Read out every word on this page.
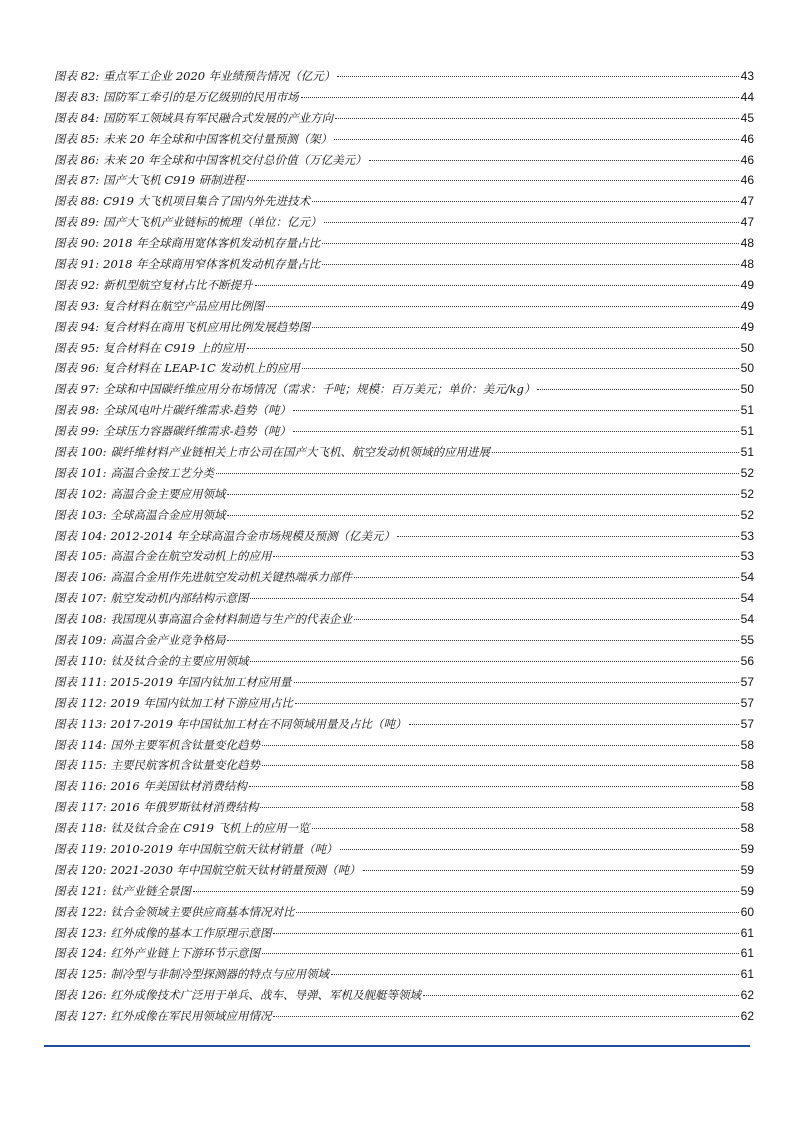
图表 82: 重点军工企业 2020 年业绩预告情况（亿元）	43
图表 83: 国防军工牵引的是万亿级别的民用市场	44
图表 84: 国防军工领域具有军民融合式发展的产业方向	45
图表 85: 未来 20 年全球和中国客机交付量预测（架）	46
图表 86: 未来 20 年全球和中国客机交付总价值（万亿美元）	46
图表 87: 国产大飞机 C919 研制进程	46
图表 88: C919 大飞机项目集合了国内外先进技术	47
图表 89: 国产大飞机产业链标的梳理（单位：亿元）	47
图表 90: 2018 年全球商用宽体客机发动机存量占比	48
图表 91: 2018 年全球商用窄体客机发动机存量占比	48
图表 92: 新机型航空复材占比不断提升	49
图表 93: 复合材料在航空产品应用比例图	49
图表 94: 复合材料在商用飞机应用比例发展趋势图	49
图表 95: 复合材料在 C919 上的应用	50
图表 96: 复合材料在 LEAP-1C 发动机上的应用	50
图表 97: 全球和中国碳纤维应用分布场情况（需求：千吨；规模：百万美元；单价：美元/kg）	50
图表 98: 全球风电叶片碳纤维需求-趋势（吨）	51
图表 99: 全球压力容器碳纤维需求-趋势（吨）	51
图表 100: 碳纤维材料产业链相关上市公司在国产大飞机、航空发动机领域的应用进展	51
图表 101: 高温合金按工艺分类	52
图表 102: 高温合金主要应用领域	52
图表 103: 全球高温合金应用领域	52
图表 104: 2012-2014 年全球高温合金市场规模及预测（亿美元）	53
图表 105: 高温合金在航空发动机上的应用	53
图表 106: 高温合金用作先进航空发动机关键热端承力部件	54
图表 107: 航空发动机内部结构示意图	54
图表 108: 我国现从事高温合金材料制造与生产的代表企业	54
图表 109: 高温合金产业竞争格局	55
图表 110: 钛及钛合金的主要应用领域	56
图表 111: 2015-2019 年国内钛加工材应用量	57
图表 112: 2019 年国内钛加工材下游应用占比	57
图表 113: 2017-2019 年中国钛加工材在不同领域用量及占比（吨）	57
图表 114: 国外主要军机含钛量变化趋势	58
图表 115: 主要民航客机含钛量变化趋势	58
图表 116: 2016 年美国钛材消费结构	58
图表 117: 2016 年俄罗斯钛材消费结构	58
图表 118: 钛及钛合金在 C919 飞机上的应用一览	58
图表 119: 2010-2019 年中国航空航天钛材销量（吨）	59
图表 120: 2021-2030 年中国航空航天钛材销量预测（吨）	59
图表 121: 钛产业链全景图	59
图表 122: 钛合金领域主要供应商基本情况对比	60
图表 123: 红外成像的基本工作原理示意图	61
图表 124: 红外产业链上下游环节示意图	61
图表 125: 制冷型与非制冷型探测器的特点与应用领域	61
图表 126: 红外成像技术广泛用于单兵、战车、导弹、军机及舰艇等领域	62
图表 127: 红外成像在军民用领域应用情况	62
